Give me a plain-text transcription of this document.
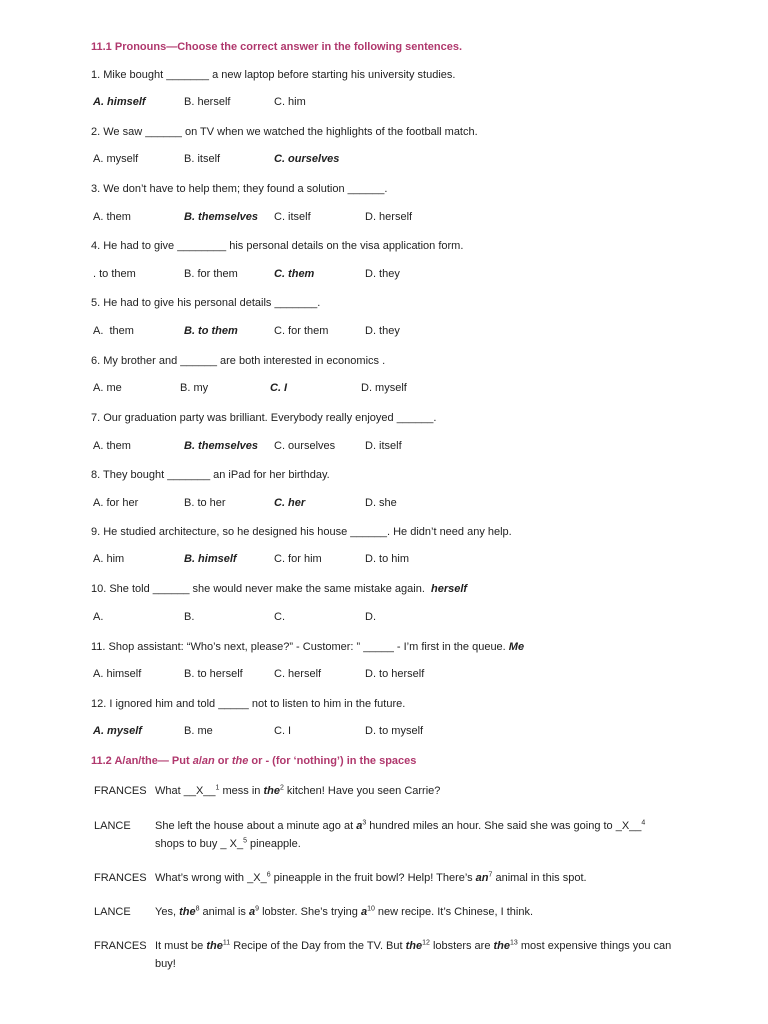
11.1 Pronouns—Choose the correct answer in the following sentences.
1. Mike bought _______ a new laptop before starting his university studies.
A. himself	B. herself	C. him
2. We saw ______ on TV when we watched the highlights of the football match.
A. myself	B. itself	C. ourselves
3. We don’t have to help them; they found a solution ______.
A. them	B. themselves C. itself	D. herself
4. He had to give ________ his personal details on the visa application form.
. to them	B. for them	C. them	D. they
5. He had to give his personal details _______.
A.  them	B. to them	C. for them	D. they
6. My brother and ______ are both interested in economics .
A. me	B. my	C. I	D. myself
7. Our graduation party was brilliant. Everybody really enjoyed ______.
A. them	B. themselves C. ourselves	D. itself
8. They bought _______ an iPad for her birthday.
A. for her	B. to her	C. her	D. she
9. He studied architecture, so he designed his house ______. He didn’t need any help.
A. him	B. himself	C. for him	D. to him
10. She told ______ she would never make the same mistake again. herself
A.	B.	C.	D.
11. Shop assistant: “Who’s next, please?” - Customer: ” _____ - I’m first in the queue. Me
A. himself	B. to herself	C. herself	D. to herself
12. I ignored him and told _____ not to listen to him in the future.
A. myself	B. me	C. I	D. to myself
11.2 A/an/the— Put a/an or the or - (for ‘nothing’) in the spaces
FRANCES What __X__$^1$ mess in the$^2$ kitchen! Have you seen Carrie?
LANCE She left the house about a minute ago at $a^3$ hundred miles an hour. She said she was going to _X__$^4$ shops to buy _ X_$^5$ pineapple.
FRANCES What’s wrong with _X_$^6$ pineapple in the fruit bowl? Help! There’s $an^7$ animal in this spot.
LANCE Yes, the$^8$ animal is $a^9$ lobster. She’s trying $a^{10}$ new recipe. It’s Chinese, I think.
FRANCES It must be the$^{11}$ Recipe of the Day from the TV. But the$^{12}$ lobsters are the$^{13}$ most expensive things you can buy!
